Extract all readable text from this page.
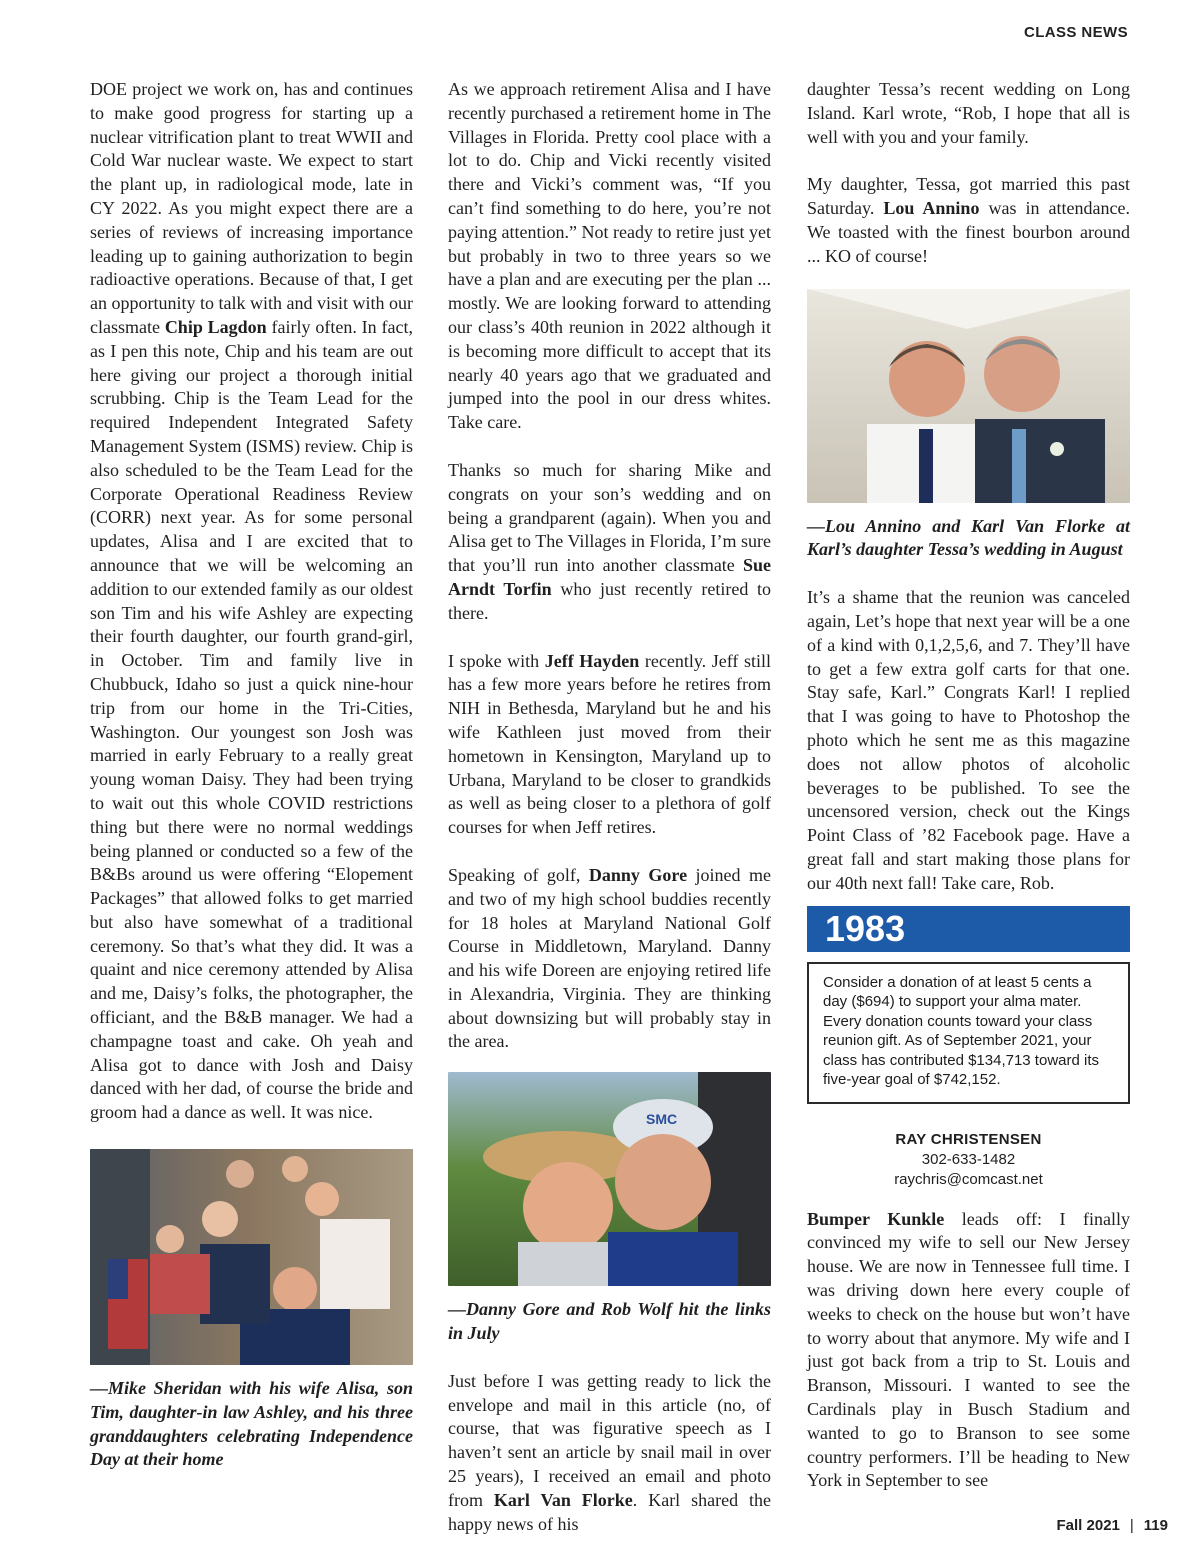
CLASS NEWS

DOE project we work on, has and continues to make good progress for starting up a nuclear vitrification plant to treat WWII and Cold War nuclear waste. We expect to start the plant up, in radiological mode, late in CY 2022. As you might expect there are a series of reviews of increasing importance leading up to gaining authorization to begin radioactive operations. Because of that, I get an opportunity to talk with and visit with our classmate Chip Lagdon fairly often. In fact, as I pen this note, Chip and his team are out here giving our project a thorough initial scrubbing. Chip is the Team Lead for the required Independent Integrated Safety Management System (ISMS) review. Chip is also scheduled to be the Team Lead for the Corporate Operational Readiness Review (CORR) next year. As for some personal updates, Alisa and I are excited that to announce that we will be welcoming an addition to our extended family as our oldest son Tim and his wife Ashley are expecting their fourth daughter, our fourth grand-girl, in October. Tim and family live in Chubbuck, Idaho so just a quick nine-hour trip from our home in the Tri-Cities, Washington. Our youngest son Josh was married in early February to a really great young woman Daisy. They had been trying to wait out this whole COVID restrictions thing but there were no normal weddings being planned or conducted so a few of the B&Bs around us were offering “Elopement Packages” that allowed folks to get married but also have somewhat of a traditional ceremony. So that’s what they did. It was a quaint and nice ceremony attended by Alisa and me, Daisy’s folks, the photographer, the officiant, and the B&B manager. We had a champagne toast and cake. Oh yeah and Alisa got to dance with Josh and Daisy danced with her dad, of course the bride and groom had a dance as well. It was nice.

—Mike Sheridan with his wife Alisa, son Tim, daughter-in law Ashley, and his three granddaughters celebrating Independence Day at their home

As we approach retirement Alisa and I have recently purchased a retirement home in The Villages in Florida. Pretty cool place with a lot to do. Chip and Vicki recently visited there and Vicki’s comment was, “If you can’t find something to do here, you’re not paying attention.” Not ready to retire just yet but probably in two to three years so we have a plan and are executing per the plan ... mostly. We are looking forward to attending our class’s 40th reunion in 2022 although it is becoming more difficult to accept that its nearly 40 years ago that we graduated and jumped into the pool in our dress whites. Take care.

Thanks so much for sharing Mike and congrats on your son’s wedding and on being a grandparent (again). When you and Alisa get to The Villages in Florida, I’m sure that you’ll run into another classmate Sue Arndt Torfin who just recently retired to there.

I spoke with Jeff Hayden recently. Jeff still has a few more years before he retires from NIH in Bethesda, Maryland but he and his wife Kathleen just moved from their hometown in Kensington, Maryland up to Urbana, Maryland to be closer to grandkids as well as being closer to a plethora of golf courses for when Jeff retires.

Speaking of golf, Danny Gore joined me and two of my high school buddies recently for 18 holes at Maryland National Golf Course in Middletown, Maryland. Danny and his wife Doreen are enjoying retired life in Alexandria, Virginia. They are thinking about downsizing but will probably stay in the area.

SMC

—Danny Gore and Rob Wolf hit the links in July

Just before I was getting ready to lick the envelope and mail in this article (no, of course, that was figurative speech as I haven’t sent an article by snail mail in over 25 years), I received an email and photo from Karl Van Florke. Karl shared the happy news of his

daughter Tessa’s recent wedding on Long Island. Karl wrote, “Rob, I hope that all is well with you and your family.

My daughter, Tessa, got married this past Saturday. Lou Annino was in attendance. We toasted with the finest bourbon around ... KO of course!

—Lou Annino and Karl Van Florke at Karl’s daughter Tessa’s wedding in August

It’s a shame that the reunion was canceled again, Let’s hope that next year will be a one of a kind with 0,1,2,5,6, and 7. They’ll have to get a few extra golf carts for that one. Stay safe, Karl.” Congrats Karl! I replied that I was going to have to Photoshop the photo which he sent me as this magazine does not allow photos of alcoholic beverages to be published. To see the uncensored version, check out the Kings Point Class of ’82 Facebook page. Have a great fall and start making those plans for our 40th next fall! Take care, Rob.

1983
Consider a donation of at least 5 cents a day ($694) to support your alma mater. Every donation counts toward your class reunion gift. As of September 2021, your class has contributed $134,713 toward its five-year goal of $742,152.
RAY CHRISTENSEN
302-633-1482
raychris@comcast.net

Bumper Kunkle leads off: I finally convinced my wife to sell our New Jersey house. We are now in Tennessee full time. I was driving down here every couple of weeks to check on the house but won’t have to worry about that anymore. My wife and I just got back from a trip to St. Louis and Branson, Missouri. I wanted to see the Cardinals play in Busch Stadium and wanted to go to Branson to see some country performers. I’ll be heading to New York in September to see

Fall 2021 | 119
